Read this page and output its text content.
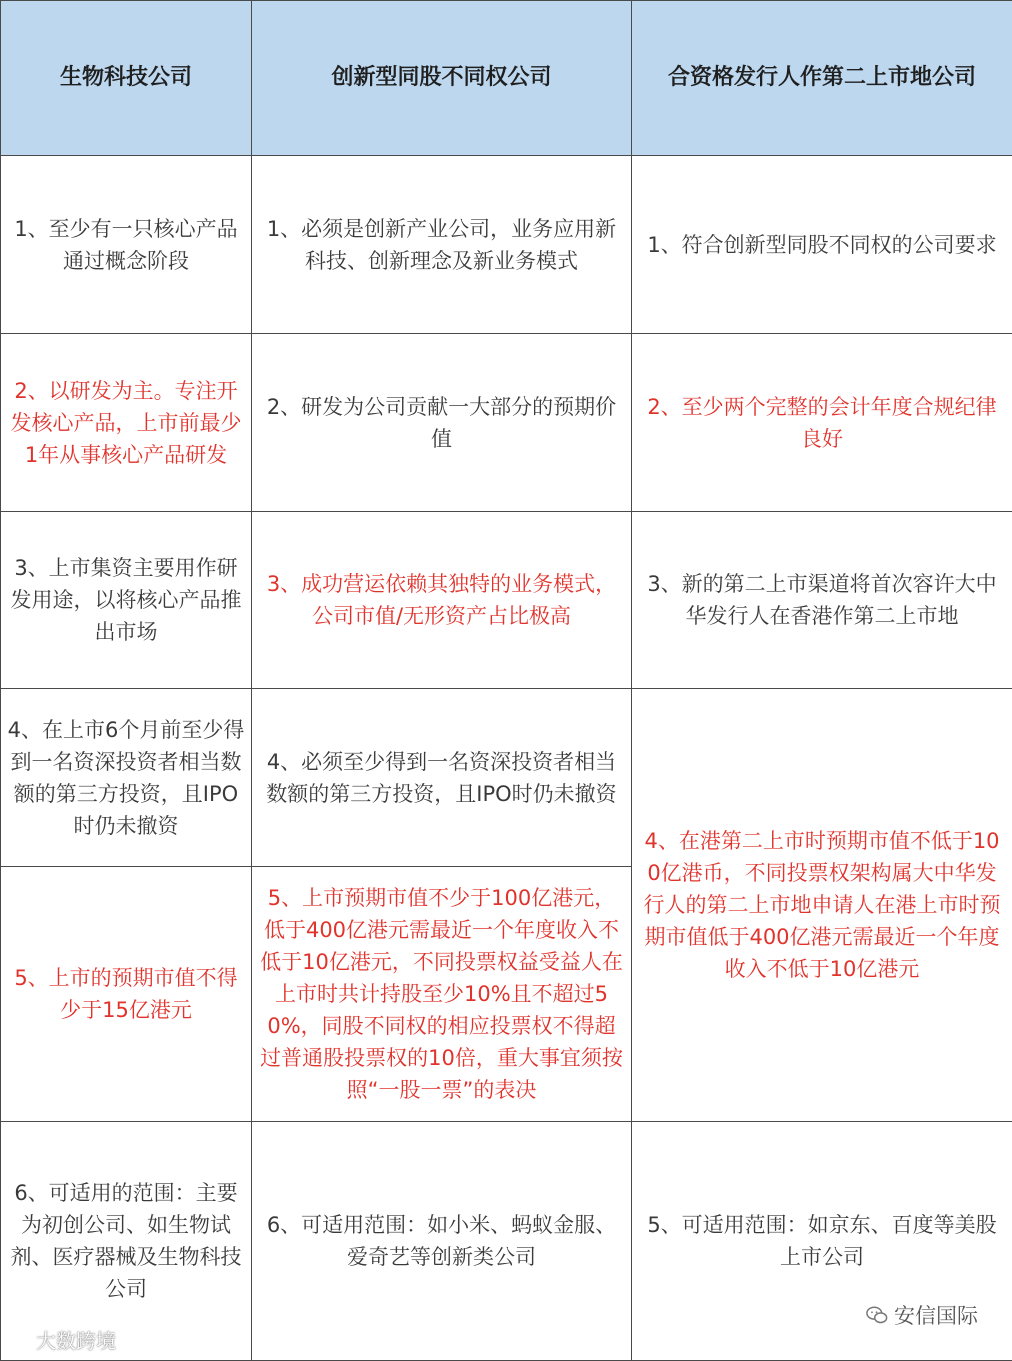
生物科技公司	创新型同股不同权公司	合资格发行人作第二上市地公司
1、至少有一只核心产品通过概念阶段	1、必须是创新产业公司，业务应用新科技、创新理念及新业务模式	1、符合创新型同股不同权的公司要求
2、以研发为主。专注开发核心产品，上市前最少1年从事核心产品研发	2、研发为公司贡献一大部分的预期价值	2、至少两个完整的会计年度合规纪律良好
3、上市集资主要用作研发用途，以将核心产品推出市场	3、成功营运依赖其独特的业务模式，公司市值/无形资产占比极高	3、新的第二上市渠道将首次容许大中华发行人在香港作第二上市地
4、在上市6个月前至少得到一名资深投资者相当数额的第三方投资，且IPO时仍未撤资	4、必须至少得到一名资深投资者相当数额的第三方投资，且IPO时仍未撤资	4、在港第二上市时预期市值不低于100亿港币，不同投票权架构属大中华发行人的第二上市地申请人在港上市时预期市值低于400亿港元需最近一个年度收入不低于10亿港元
5、上市的预期市值不得少于15亿港元	5、上市预期市值不少于100亿港元，低于400亿港元需最近一个年度收入不低于10亿港元，不同投票权益受益人在上市时共计持股至少10%且不超过50%，同股不同权的相应投票权不得超过普通股投票权的10倍，重大事宜须按照“一股一票”的表决	
6、可适用的范围：主要为初创公司、如生物试剂、医疗器械及生物科技公司	6、可适用范围：如小米、蚂蚁金服、爱奇艺等创新类公司	5、可适用范围：如京东、百度等美股上市公司
大数跨境
安信国际
